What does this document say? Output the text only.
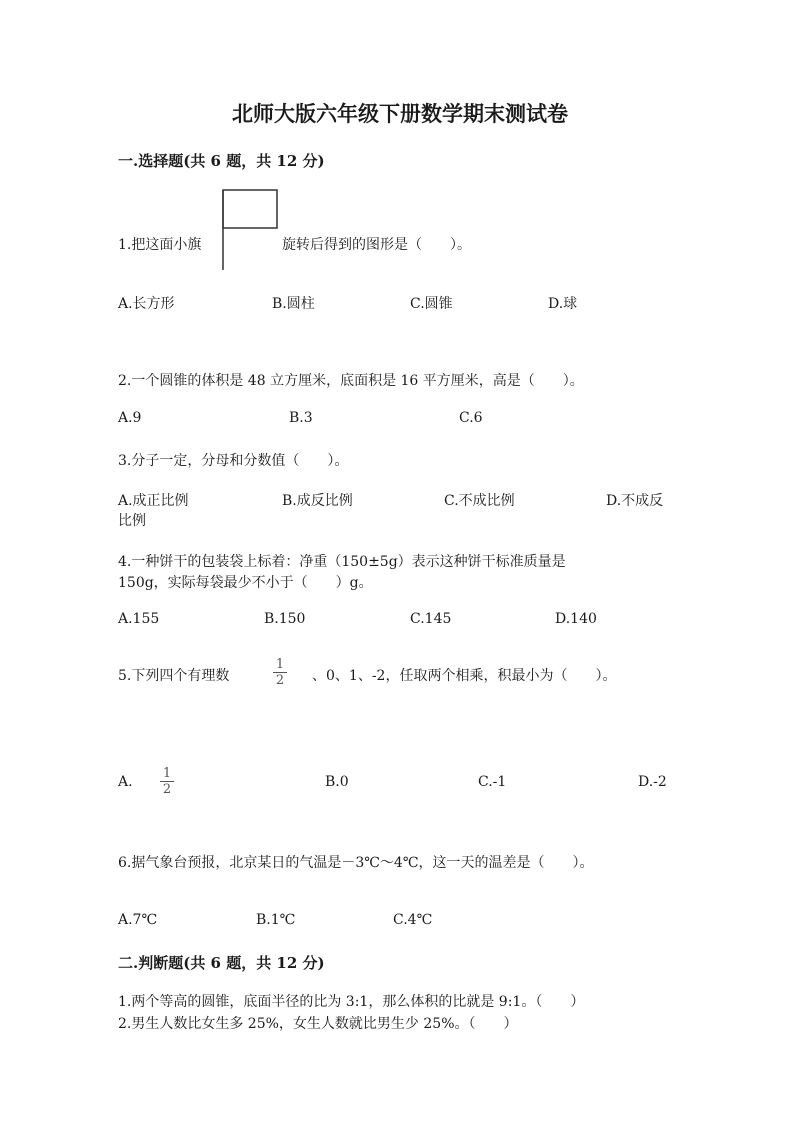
北师大版六年级下册数学期末测试卷
一.选择题(共 6 题，共 12 分)
1.把这面小旗	旋转后得到的图形是（　　）。
A.长方形	B.圆柱	C.圆锥	D.球
2.一个圆锥的体积是 48 立方厘米，底面积是 16 平方厘米，高是（　　）。
A.9	B.3	C.6
3.分子一定，分母和分数值（　　）。
A.成正比例	B.成反比例	C.不成比例	D.不成反
比例
4.一种饼干的包装袋上标着：净重（150±5g）表示这种饼干标准质量是
150g，实际每袋最少不小于（　　）g。
A.155	B.150	C.145	D.140
5.下列四个有理数
1
2 、0、1、-2，任取两个相乘，积最小为（　　）。
A.
1
2	B.0	C.-1	D.-2
6.据气象台预报，北京某日的气温是－3℃～4℃，这一天的温差是（　　）。
A.7℃	B.1℃	C.4℃
二.判断题(共 6 题，共 12 分)
1.两个等高的圆锥，底面半径的比为 3:1，那么体积的比就是 9:1。（　　）
2.男生人数比女生多 25%，女生人数就比男生少 25%。（　　）
